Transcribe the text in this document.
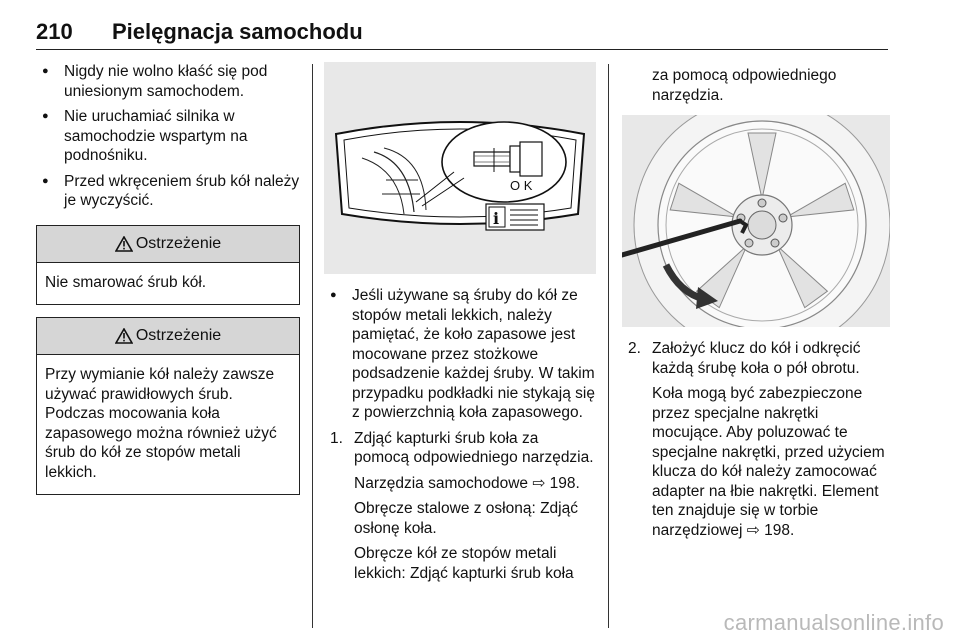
210	Pielęgnacja samochodu
● Nigdy nie wolno kłaść się pod uniesionym samochodem.
● Nie uruchamiać silnika w samochodzie wspartym na podnośniku.
● Przed wkręceniem śrub kół należy je wyczyścić.
Ostrzeżenie
Nie smarować śrub kół.
Ostrzeżenie
Przy wymianie kół należy zawsze używać prawidłowych śrub. Podczas mocowania koła zapasowego można również użyć śrub do kół ze stopów metali lekkich.
i
O K
● Jeśli używane są śruby do kół ze stopów metali lekkich, należy pamiętać, że koło zapasowe jest mocowane przez stożkowe podsadzenie każdej śruby. W takim przypadku podkładki nie stykają się z powierzchnią koła zapasowego.
1. Zdjąć kapturki śrub koła za pomocą odpowiedniego narzędzia.

Narzędzia samochodowe ⇨ 198.

Obręcze stalowe z osłoną: Zdjąć osłonę koła.

Obręcze kół ze stopów metali lekkich: Zdjąć kapturki śrub koła

za pomocą odpowiedniego narzędzia.
2. Założyć klucz do kół i odkręcić każdą śrubę koła o pół obrotu.

Koła mogą być zabezpieczone przez specjalne nakrętki mocujące. Aby poluzować te specjalne nakrętki, przed użyciem klucza do kół należy zamocować adapter na łbie nakrętki. Element ten znajduje się w torbie narzędziowej ⇨ 198.

carmanualsonline.info
